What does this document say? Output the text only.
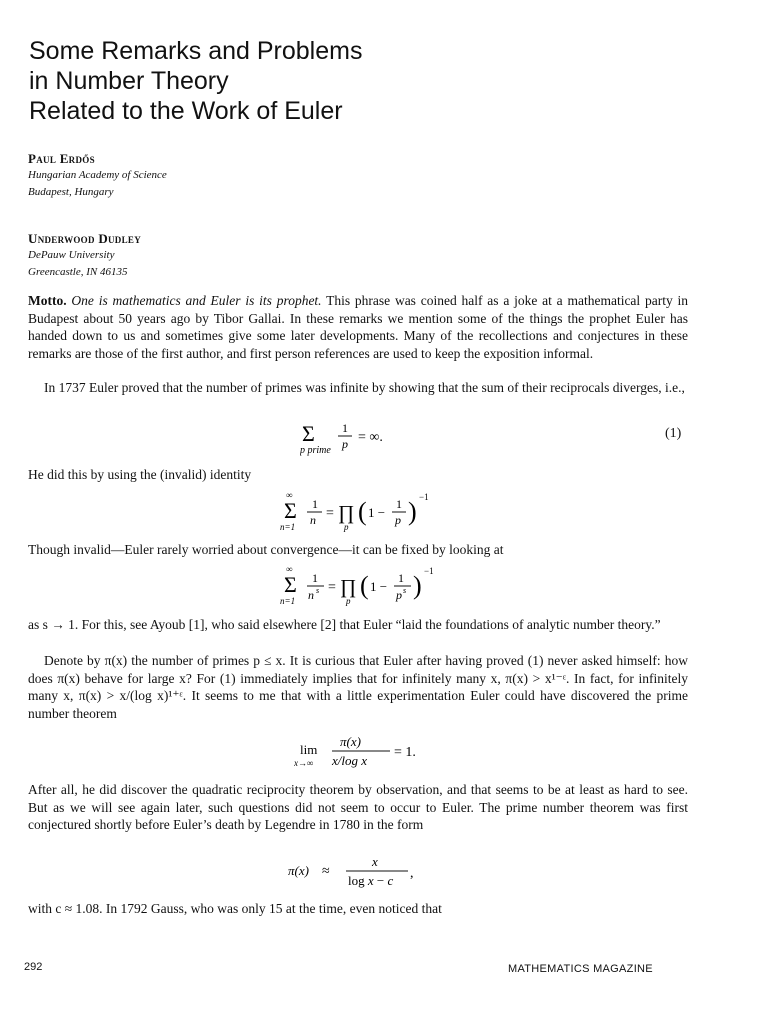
Some Remarks and Problems
in Number Theory
Related to the Work of Euler
Paul Erdős
Hungarian Academy of Science
Budapest, Hungary
Underwood Dudley
DePauw University
Greencastle, IN 46135
Motto. One is mathematics and Euler is its prophet. This phrase was coined half as a joke at a mathematical party in Budapest about 50 years ago by Tibor Gallai. In these remarks we mention some of the things the prophet Euler has handed down to us and sometimes give some later developments. Many of the recollections and conjectures in these remarks are those of the first author, and first person references are used to keep the exposition informal.
In 1737 Euler proved that the number of primes was infinite by showing that the sum of their reciprocals diverges, i.e.,
Σ
p prime
1
p = ∞.	(1)
He did this by using the (invalid) identity
∞
Σ
n=1
1
n = ∏
p
( 1 −
1
p ) −1
Though invalid—Euler rarely worried about convergence—it can be fixed by looking at
∞
Σ
n=1
1
n s = ∏
p
( 1 −
1
p s ) −1
as s → 1. For this, see Ayoub [1], who said elsewhere [2] that Euler “laid the foundations of analytic number theory.”
Denote by π(x) the number of primes p ≤ x. It is curious that Euler after having proved (1) never asked himself: how does π(x) behave for large x? For (1) immediately implies that for infinitely many x, π(x) > x¹⁻ᵋ. In fact, for infinitely many x, π(x) > x/(log x)¹⁺ᵋ. It seems to me that with a little experimentation Euler could have discovered the prime number theorem
lim
x→∞
π(x)
x/log x
= 1.
After all, he did discover the quadratic reciprocity theorem by observation, and that seems to be at least as hard to see. But as we will see again later, such questions did not seem to occur to Euler. The prime number theorem was first conjectured shortly before Euler’s death by Legendre in 1780 in the form
π(x) ≈
x
log x − c ,
with c ≈ 1.08. In 1792 Gauss, who was only 15 at the time, even noticed that
292	MATHEMATICS MAGAZINE
